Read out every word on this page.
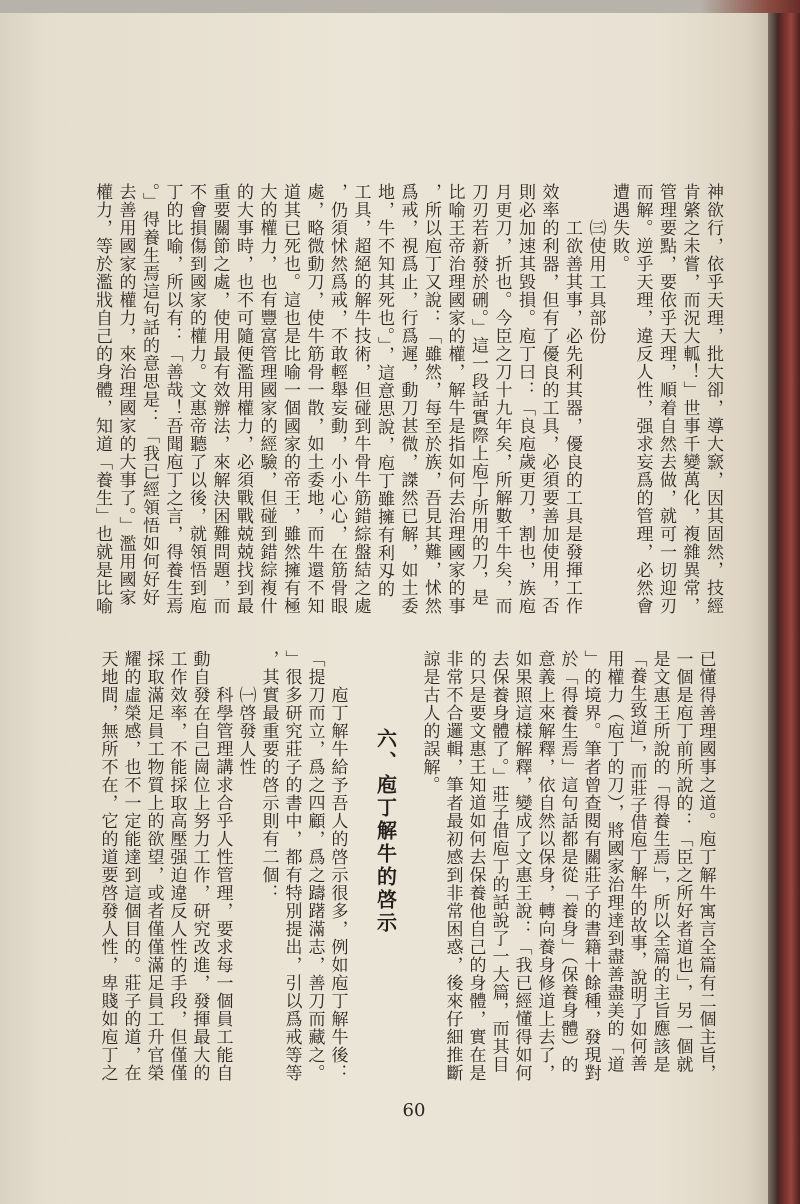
神欲行，依乎天理，批大卻，導大窾，因其固然，技經
肯綮之未嘗，而況大軱！」世事千變萬化，複雜異常，
管理要點，要依乎天理，順着自然去做，就可一切迎刃
而解。逆乎天理，違反人性，强求妄爲的管理，必然會
遭遇失敗。
㈢使用工具部份
工欲善其事，必先利其器，優良的工具是發揮工作
效率的利器，但有了優良的工具，必須要善加使用，否
則必加速其毀損。庖丁曰：「良庖歲更刀，割也，族庖
月更刀，折也。今臣之刀十九年矣，所解數千牛矣，而
刀刃若新發於硎。」這一段話實際上庖丁所用的刀，是
比喻王帝治理國家的權，解牛是指如何去治理國家的事
，所以庖丁又說：「雖然，每至於族，吾見其難，怵然
爲戒，視爲止，行爲遲，動刀甚微，謋然已解，如土委
地，牛不知其死也。」，這意思說，庖丁雖擁有利刄的
工具，超絕的解牛技術，但碰到牛骨牛筋錯綜盤結之處
，仍須怵然爲戒，不敢輕舉妄動，小小心心，在筋骨眼
處，略微動刀，使牛筋骨一散，如土委地，而牛還不知
道其已死也。這也是比喻一個國家的帝王，雖然擁有極
大的權力，也有豐富管理國家的經驗，但碰到錯綜複什
的大事時，也不可隨便濫用權力，必須戰戰兢兢找到最
重要關節之處，使用最有效辦法，來解決困難問題，而
不會損傷到國家的權力。文惠帝聽了以後，就領悟到庖
丁的比喻，所以有：「善哉！吾聞庖丁之言，得養生焉
。」得養生焉這句話的意思是：「我已經領悟如何好好
去善用國家的權力，來治理國家的大事了。」濫用國家
權力，等於濫戕自己的身體，知道「養生」也就是比喻
已懂得善理國事之道。庖丁解牛寓言全篇有二個主旨，
一個是庖丁前所說的：「臣之所好者道也」，另一個就
是文惠王所說的「得養生焉」，所以全篇的主旨應該是
「養生致道」，而莊子借庖丁解牛的故事，說明了如何善
用權力（庖丁的刀），將國家治理達到盡善盡美的「道
」的境界。筆者曾查閱有關莊子的書籍十餘種，發現對
於「得養生焉」這句話都是從「養身」（保養身體）的
意義上來解釋，依自然以保身，轉向養身修道上去了，
如果照這樣解釋，變成了文惠王說：「我已經懂得如何
去保養身體了。」莊子借庖丁的話說了一大篇，而其目
的只是要文惠王知道如何去保養他自己的身體，實在是
非常不合邏輯，筆者最初感到非常困惑，後來仔細推斷
諒是古人的誤解。
六、庖丁解牛的啓示
庖丁解牛給予吾人的啓示很多，例如庖丁解牛後：
「提刀而立，爲之四顧，爲之躊躇滿志，善刀而藏之。
」很多研究莊子的書中，都有特別提出，引以爲戒等等
，其實最重要的啓示則有二個：
㈠啓發人性
科學管理講求合乎人性管理，要求每一個員工能自
動自發在自己崗位上努力工作，研究改進，發揮最大的
工作效率，不能採取高壓强迫違反人性的手段，但僅僅
採取滿足員工物質上的欲望，或者僅僅滿足員工升官榮
耀的虛榮感，也不一定能達到這個目的。莊子的道，在
天地間，無所不在，它的道要啓發人性，卑賤如庖丁之
60
